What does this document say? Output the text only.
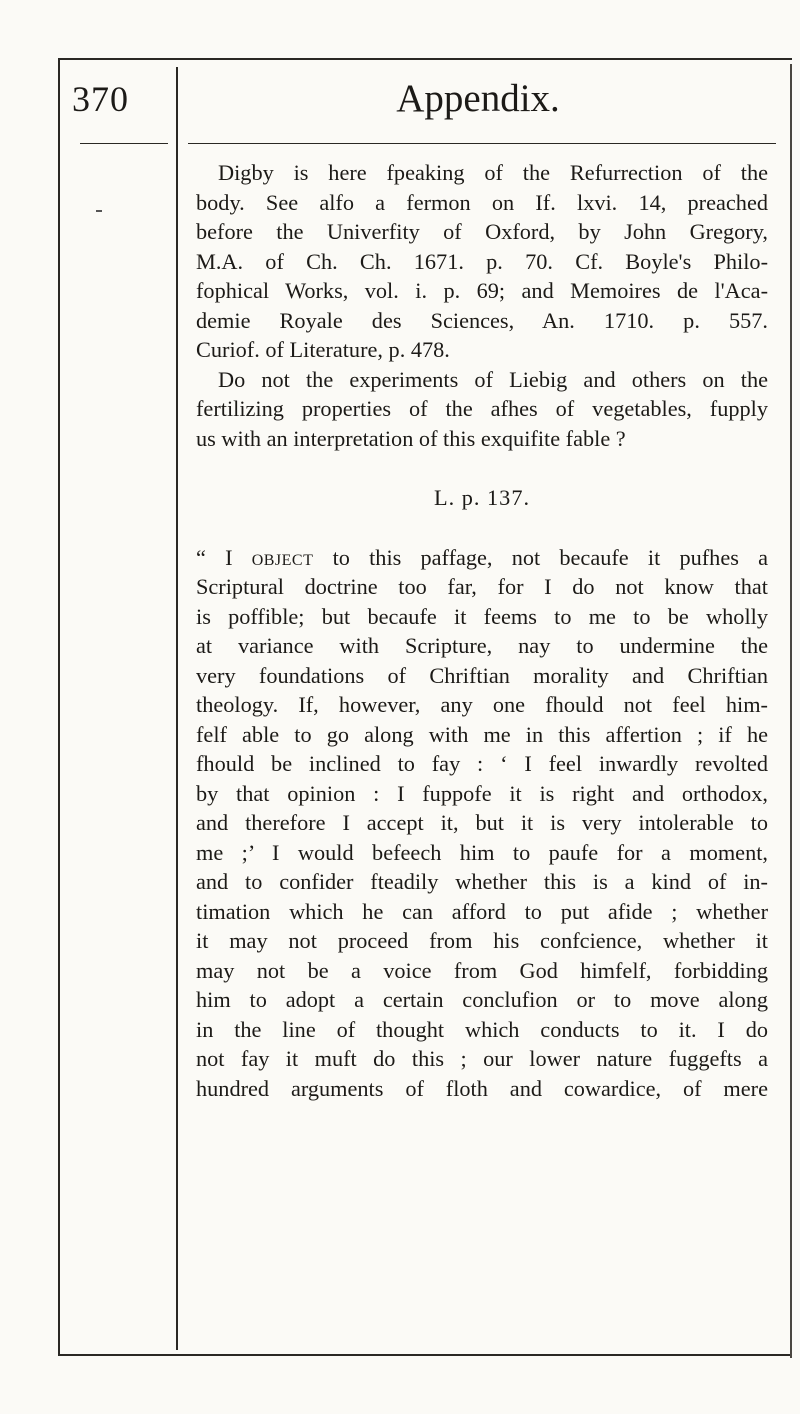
370	Appendix.

Digby is here fpeaking of the Refurrection of the
body. See alfo a fermon on If. lxvi. 14, preached
before the Univerfity of Oxford, by John Gregory,
M.A. of Ch. Ch. 1671. p. 70. Cf. Boyle's Philo-
fophical Works, vol. i. p. 69; and Memoires de l'Aca-
demie Royale des Sciences, An. 1710. p. 557.
Curiof. of Literature, p. 478.

Do not the experiments of Liebig and others on the
fertilizing properties of the afhes of vegetables, fupply
us with an interpretation of this exquifite fable ?

L. p. 137.

“ I object to this paffage, not becaufe it pufhes a
Scriptural doctrine too far, for I do not know that
is poffible; but becaufe it feems to me to be wholly
at variance with Scripture, nay to undermine the
very foundations of Chriftian morality and Chriftian
theology. If, however, any one fhould not feel him-
felf able to go along with me in this affertion ; if he
fhould be inclined to fay : ‘ I feel inwardly revolted
by that opinion : I fuppofe it is right and orthodox,
and therefore I accept it, but it is very intolerable to
me ;’ I would befeech him to paufe for a moment,
and to confider fteadily whether this is a kind of in-
timation which he can afford to put afide ; whether
it may not proceed from his confcience, whether it
may not be a voice from God himfelf, forbidding
him to adopt a certain conclufion or to move along
in the line of thought which conducts to it. I do
not fay it muft do this ; our lower nature fuggefts a
hundred arguments of floth and cowardice, of mere
